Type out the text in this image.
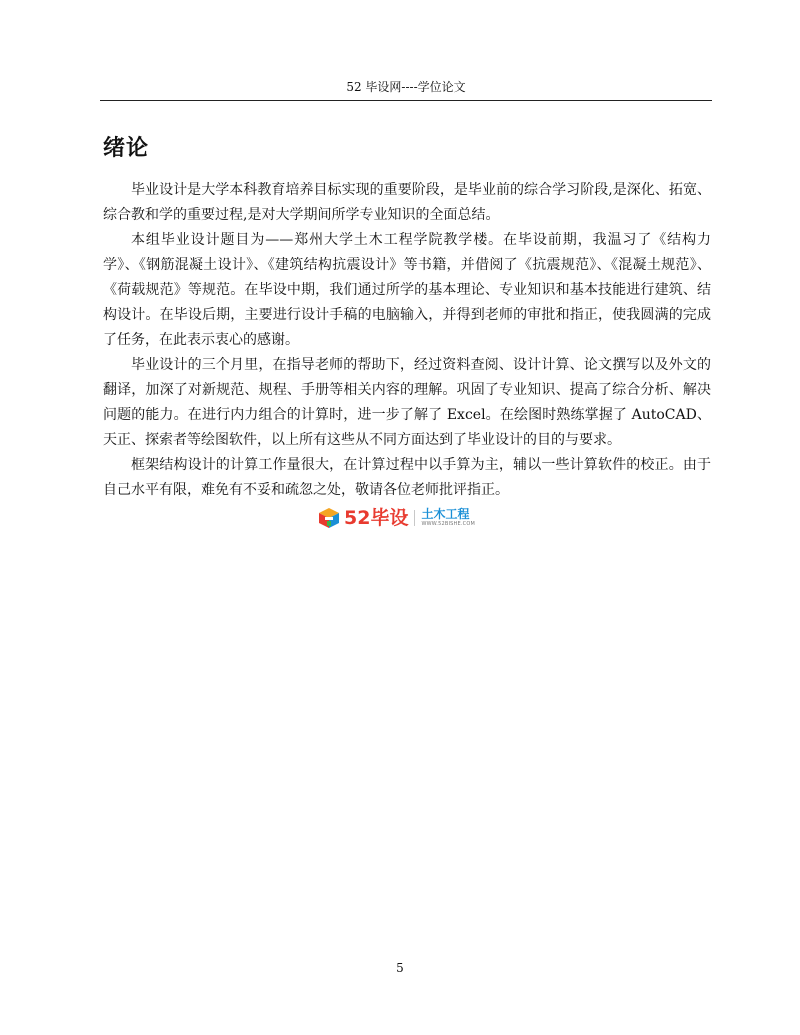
52 毕设网----学位论文
绪论

毕业设计是大学本科教育培养目标实现的重要阶段，是毕业前的综合学习阶段,是深化、拓宽、综合教和学的重要过程,是对大学期间所学专业知识的全面总结。

本组毕业设计题目为——郑州大学土木工程学院教学楼。在毕设前期，我温习了《结构力学》、《钢筋混凝土设计》、《建筑结构抗震设计》等书籍，并借阅了《抗震规范》、《混凝土规范》、《荷载规范》等规范。在毕设中期，我们通过所学的基本理论、专业知识和基本技能进行建筑、结构设计。在毕设后期，主要进行设计手稿的电脑输入，并得到老师的审批和指正，使我圆满的完成了任务，在此表示衷心的感谢。

毕业设计的三个月里，在指导老师的帮助下，经过资料查阅、设计计算、论文撰写以及外文的翻译，加深了对新规范、规程、手册等相关内容的理解。巩固了专业知识、提高了综合分析、解决问题的能力。在进行内力组合的计算时，进一步了解了 Excel。在绘图时熟练掌握了 AutoCAD、天正、探索者等绘图软件，以上所有这些从不同方面达到了毕业设计的目的与要求。

框架结构设计的计算工作量很大，在计算过程中以手算为主，辅以一些计算软件的校正。由于自己水平有限，难免有不妥和疏忽之处，敬请各位老师批评指正。

52毕设 土木工程
WWW.52BISHE.COM
5
